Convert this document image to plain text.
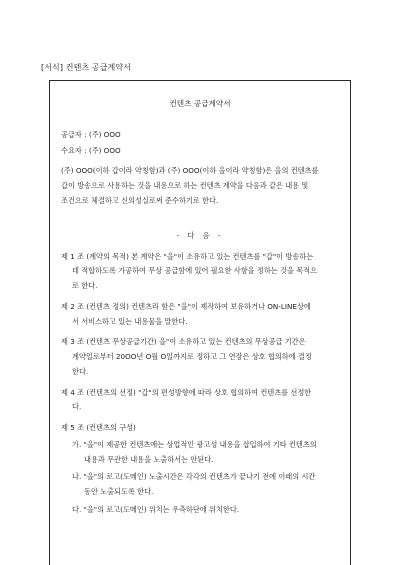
[서식] 컨텐츠 공급계약서
컨텐츠 공급계약서
공급자 : (주) OOO
수요자 : (주) OOO
(주) OOO(이하 갑이라 약칭함)과 (주) OOO(이하 을이라 약칭함)은 을의 컨텐츠를
갑이 방송으로 사용하는 것을 내용으로 하는 컨텐츠 계약을 다음과 같은 내용 및
조건으로 체결하고 신의성실로써 준수하기로 한다.
- 다 음 -
제 1 조 (계약의 목적) 본 계약은 "을"이 소유하고 있는 컨텐츠를 "갑"이 방송하는
데 적합하도록 가공하여 무상 공급함에 있어 필요한 사항을 정하는 것을 목적으
로 한다.
제 2 조 (컨텐츠 정의) 컨텐츠라 함은 "을"이 제작하여 보유하거나 ON-LINE상에
서 서비스하고 있는 내용물을 말한다.
제 3 조 (컨텐츠 무상공급기간) 을"이 소유하고 있는 컨텐츠의 무상공급 기간은
계약일로부터 20OO년 O월 O일까지로 정하고 그 연장은 상호 협의하에 결정
한다.
제 4 조 (컨텐츠의 선정) "갑"의 편성방향에 따라 상호 협의하여 컨텐츠를 선정한
다.
제 5 조 (컨텐츠의 구성)
가. "을"이 제공한 컨텐츠에는 상업적인 광고성 내용을 삽입하여 기타 컨텐츠의
내용과 무관한 내용을 노출하서는 안된다.
나. "을"의 로고(도메인) 노출시간은 각각의 컨텐츠가 끝나기 전에 이래의 시간
동안 노출되도록 한다.
다. "을"의 로고(도메인) 위치는 우측하단에 위치한다.
